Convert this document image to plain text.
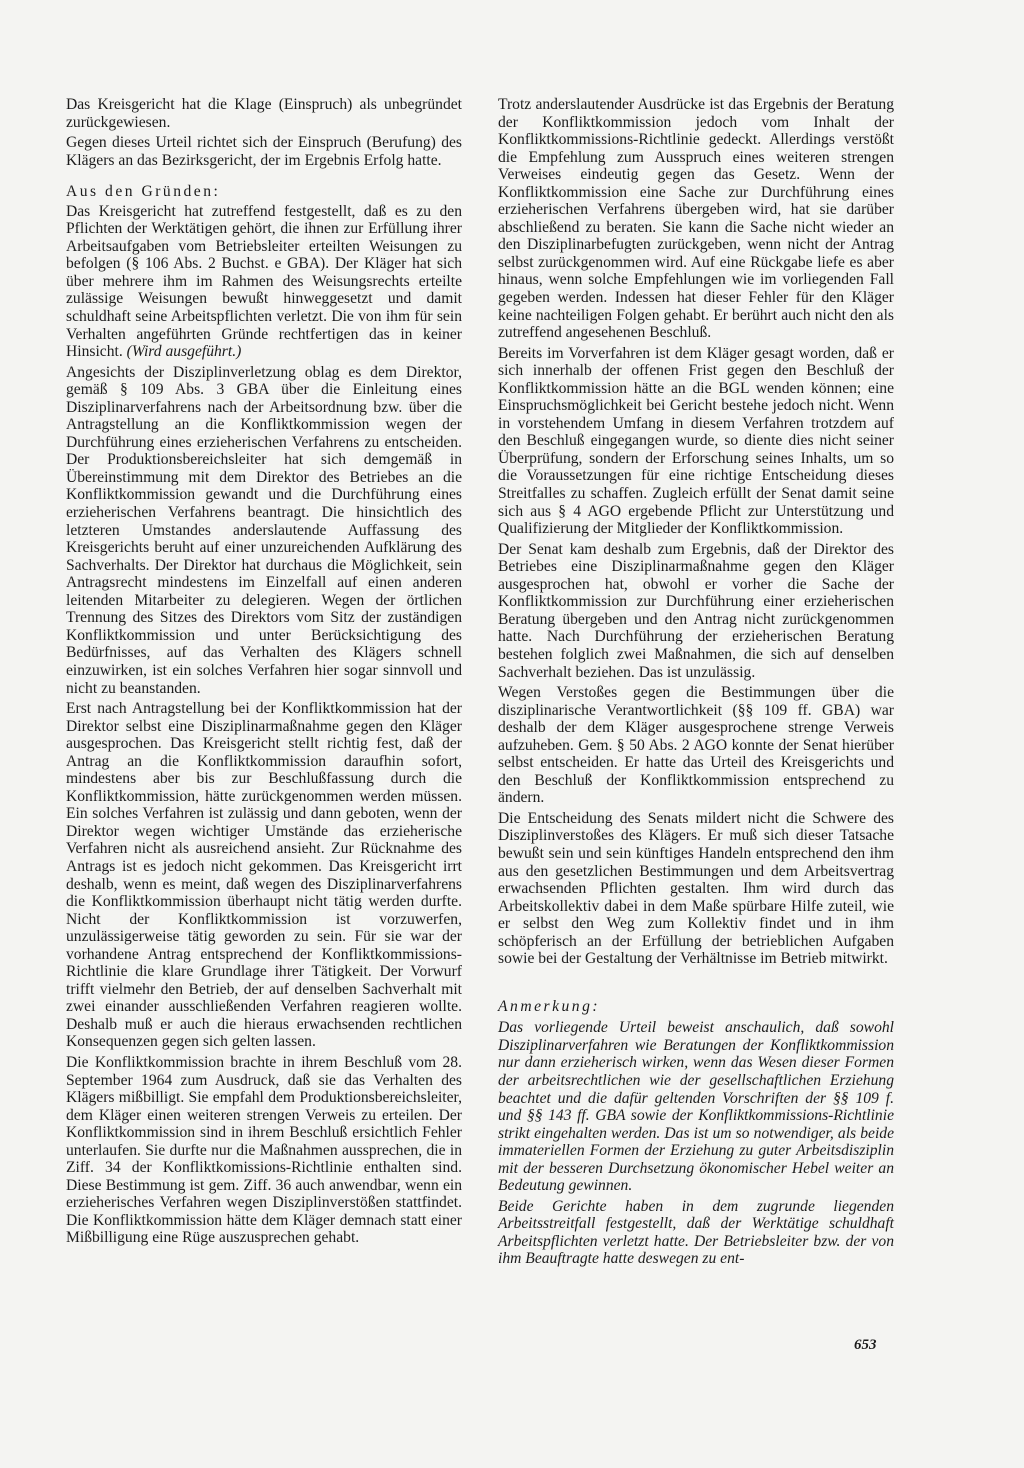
Das Kreisgericht hat die Klage (Einspruch) als unbegründet zurückgewiesen.

Gegen dieses Urteil richtet sich der Einspruch (Berufung) des Klägers an das Bezirksgericht, der im Ergebnis Erfolg hatte.

Aus den Gründen:

Das Kreisgericht hat zutreffend festgestellt, daß es zu den Pflichten der Werktätigen gehört, die ihnen zur Erfüllung ihrer Arbeitsaufgaben vom Betriebsleiter erteilten Weisungen zu befolgen (§ 106 Abs. 2 Buchst. e GBA). Der Kläger hat sich über mehrere ihm im Rahmen des Weisungsrechts erteilte zulässige Weisungen bewußt hinweggesetzt und damit schuldhaft seine Arbeitspflichten verletzt. Die von ihm für sein Verhalten angeführten Gründe rechtfertigen das in keiner Hinsicht. (Wird ausgeführt.)

Angesichts der Disziplinverletzung oblag es dem Direktor, gemäß § 109 Abs. 3 GBA über die Einleitung eines Disziplinarverfahrens nach der Arbeitsordnung bzw. über die Antragstellung an die Konfliktkommission wegen der Durchführung eines erzieherischen Verfahrens zu entscheiden. Der Produktionsbereichsleiter hat sich demgemäß in Übereinstimmung mit dem Direktor des Betriebes an die Konfliktkommission gewandt und die Durchführung eines erzieherischen Verfahrens beantragt. Die hinsichtlich des letzteren Umstandes anderslautende Auffassung des Kreisgerichts beruht auf einer unzureichenden Aufklärung des Sachverhalts. Der Direktor hat durchaus die Möglichkeit, sein Antragsrecht mindestens im Einzelfall auf einen anderen leitenden Mitarbeiter zu delegieren. Wegen der örtlichen Trennung des Sitzes des Direktors vom Sitz der zuständigen Konfliktkommission und unter Berücksichtigung des Bedürfnisses, auf das Verhalten des Klägers schnell einzuwirken, ist ein solches Verfahren hier sogar sinnvoll und nicht zu beanstanden.

Erst nach Antragstellung bei der Konfliktkommission hat der Direktor selbst eine Disziplinarmaßnahme gegen den Kläger ausgesprochen. Das Kreisgericht stellt richtig fest, daß der Antrag an die Konfliktkommission daraufhin sofort, mindestens aber bis zur Beschlußfassung durch die Konfliktkommission, hätte zurückgenommen werden müssen. Ein solches Verfahren ist zulässig und dann geboten, wenn der Direktor wegen wichtiger Umstände das erzieherische Verfahren nicht als ausreichend ansieht. Zur Rücknahme des Antrags ist es jedoch nicht gekommen. Das Kreisgericht irrt deshalb, wenn es meint, daß wegen des Disziplinarverfahrens die Konfliktkommission überhaupt nicht tätig werden durfte. Nicht der Konfliktkommission ist vorzuwerfen, unzulässigerweise tätig geworden zu sein. Für sie war der vorhandene Antrag entsprechend der Konfliktkommissions-Richtlinie die klare Grundlage ihrer Tätigkeit. Der Vorwurf trifft vielmehr den Betrieb, der auf denselben Sachverhalt mit zwei einander ausschließenden Verfahren reagieren wollte. Deshalb muß er auch die hieraus erwachsenden rechtlichen Konsequenzen gegen sich gelten lassen.

Die Konfliktkommission brachte in ihrem Beschluß vom 28. September 1964 zum Ausdruck, daß sie das Verhalten des Klägers mißbilligt. Sie empfahl dem Produktionsbereichsleiter, dem Kläger einen weiteren strengen Verweis zu erteilen. Der Konfliktkommission sind in ihrem Beschluß ersichtlich Fehler unterlaufen. Sie durfte nur die Maßnahmen aussprechen, die in Ziff. 34 der Konfliktkomissions-Richtlinie enthalten sind. Diese Bestimmung ist gem. Ziff. 36 auch anwendbar, wenn ein erzieherisches Verfahren wegen Disziplinverstößen stattfindet. Die Konfliktkommission hätte dem Kläger demnach statt einer Mißbilligung eine Rüge auszusprechen gehabt.

Trotz anderslautender Ausdrücke ist das Ergebnis der Beratung der Konfliktkommission jedoch vom Inhalt der Konfliktkommissions-Richtlinie gedeckt. Allerdings verstößt die Empfehlung zum Ausspruch eines weiteren strengen Verweises eindeutig gegen das Gesetz. Wenn der Konfliktkommission eine Sache zur Durchführung eines erzieherischen Verfahrens übergeben wird, hat sie darüber abschließend zu beraten. Sie kann die Sache nicht wieder an den Disziplinarbefugten zurückgeben, wenn nicht der Antrag selbst zurückgenommen wird. Auf eine Rückgabe liefe es aber hinaus, wenn solche Empfehlungen wie im vorliegenden Fall gegeben werden. Indessen hat dieser Fehler für den Kläger keine nachteiligen Folgen gehabt. Er berührt auch nicht den als zutreffend angesehenen Beschluß.

Bereits im Vorverfahren ist dem Kläger gesagt worden, daß er sich innerhalb der offenen Frist gegen den Beschluß der Konfliktkommission hätte an die BGL wenden können; eine Einspruchsmöglichkeit bei Gericht bestehe jedoch nicht. Wenn in vorstehendem Umfang in diesem Verfahren trotzdem auf den Beschluß eingegangen wurde, so diente dies nicht seiner Überprüfung, sondern der Erforschung seines Inhalts, um so die Voraussetzungen für eine richtige Entscheidung dieses Streitfalles zu schaffen. Zugleich erfüllt der Senat damit seine sich aus § 4 AGO ergebende Pflicht zur Unterstützung und Qualifizierung der Mitglieder der Konfliktkommission.

Der Senat kam deshalb zum Ergebnis, daß der Direktor des Betriebes eine Disziplinarmaßnahme gegen den Kläger ausgesprochen hat, obwohl er vorher die Sache der Konfliktkommission zur Durchführung einer erzieherischen Beratung übergeben und den Antrag nicht zurückgenommen hatte. Nach Durchführung der erzieherischen Beratung bestehen folglich zwei Maßnahmen, die sich auf denselben Sachverhalt beziehen. Das ist unzulässig.

Wegen Verstoßes gegen die Bestimmungen über die disziplinarische Verantwortlichkeit (§§ 109 ff. GBA) war deshalb der dem Kläger ausgesprochene strenge Verweis aufzuheben. Gem. § 50 Abs. 2 AGO konnte der Senat hierüber selbst entscheiden. Er hatte das Urteil des Kreisgerichts und den Beschluß der Konfliktkommission entsprechend zu ändern.

Die Entscheidung des Senats mildert nicht die Schwere des Disziplinverstoßes des Klägers. Er muß sich dieser Tatsache bewußt sein und sein künftiges Handeln entsprechend den ihm aus den gesetzlichen Bestimmungen und dem Arbeitsvertrag erwachsenden Pflichten gestalten. Ihm wird durch das Arbeitskollektiv dabei in dem Maße spürbare Hilfe zuteil, wie er selbst den Weg zum Kollektiv findet und in ihm schöpferisch an der Erfüllung der betrieblichen Aufgaben sowie bei der Gestaltung der Verhältnisse im Betrieb mitwirkt.

Anmerkung:

Das vorliegende Urteil beweist anschaulich, daß sowohl Disziplinarverfahren wie Beratungen der Konfliktkommission nur dann erzieherisch wirken, wenn das Wesen dieser Formen der arbeitsrechtlichen wie der gesellschaftlichen Erziehung beachtet und die dafür geltenden Vorschriften der §§ 109 f. und §§ 143 ff. GBA sowie der Konfliktkommissions-Richtlinie strikt eingehalten werden. Das ist um so notwendiger, als beide immateriellen Formen der Erziehung zu guter Arbeitsdisziplin mit der besseren Durchsetzung ökonomischer Hebel weiter an Bedeutung gewinnen.

Beide Gerichte haben in dem zugrunde liegenden Arbeitsstreitfall festgestellt, daß der Werktätige schuldhaft Arbeitspflichten verletzt hatte. Der Betriebsleiter bzw. der von ihm Beauftragte hatte deswegen zu ent-

653
